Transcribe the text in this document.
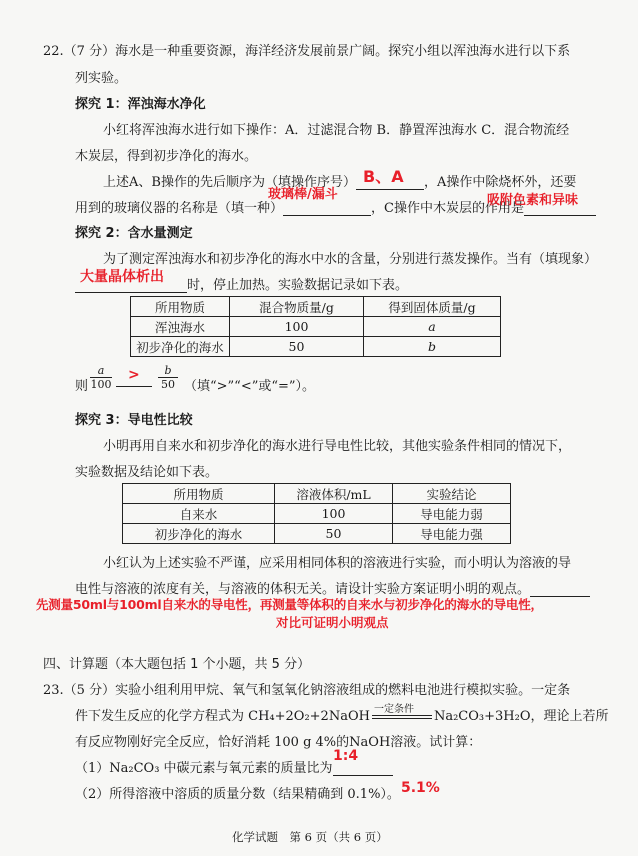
22.（7 分）海水是一种重要资源，海洋经济发展前景广阔。探究小组以浑浊海水进行以下系
列实验。
探究 1：浑浊海水净化
小红将浑浊海水进行如下操作：A．过滤混合物 B．静置浑浊海水 C．混合物流经
木炭层，得到初步净化的海水。
上述A、B操作的先后顺序为（填操作序号）	，A操作中除烧杯外，还要
B、A
用到的玻璃仪器的名称是（填一种）	，C操作中木炭层的作用是
玻璃棒/漏斗	吸附色素和异味
探究 2：含水量测定
为了测定浑浊海水和初步净化的海水中水的含量，分别进行蒸发操作。当有（填现象）
时，停止加热。实验数据记录如下表。
大量晶体析出
所用物质	混合物质量/g	得到固体质量/g
浑浊海水	100	a
初步净化的海水	50	b
则 $\frac{a}{100} > \frac{b}{50}$ （填“>”“<”或“=”）。
探究 3：导电性比较
小明再用自来水和初步净化的海水进行导电性比较，其他实验条件相同的情况下，
实验数据及结论如下表。
所用物质	溶液体积/mL	实验结论
自来水	100	导电能力弱
初步净化的海水	50	导电能力强
小红认为上述实验不严谨，应采用相同体积的溶液进行实验，而小明认为溶液的导
电性与溶液的浓度有关，与溶液的体积无关。请设计实验方案证明小明的观点。
先测量50ml与100ml自来水的导电性，再测量等体积的自来水与初步净化的海水的导电性，
对比可证明小明观点
四、计算题（本大题包括 1 个小题，共 5 分）
23.（5 分）实验小组利用甲烷、氧气和氢氧化钠溶液组成的燃料电池进行模拟实验。一定条
件下发生反应的化学方程式为 CH₄+2O₂+2NaOH 一定条件 Na₂CO₃+3H₂O，理论上若所
有反应物刚好完全反应，恰好消耗 100 g 4%的NaOH溶液。试计算：
（1）Na₂CO₃ 中碳元素与氧元素的质量比为
1:4
（2）所得溶液中溶质的质量分数（结果精确到 0.1%）。 5.1%
化学试题　第 6 页（共 6 页）
